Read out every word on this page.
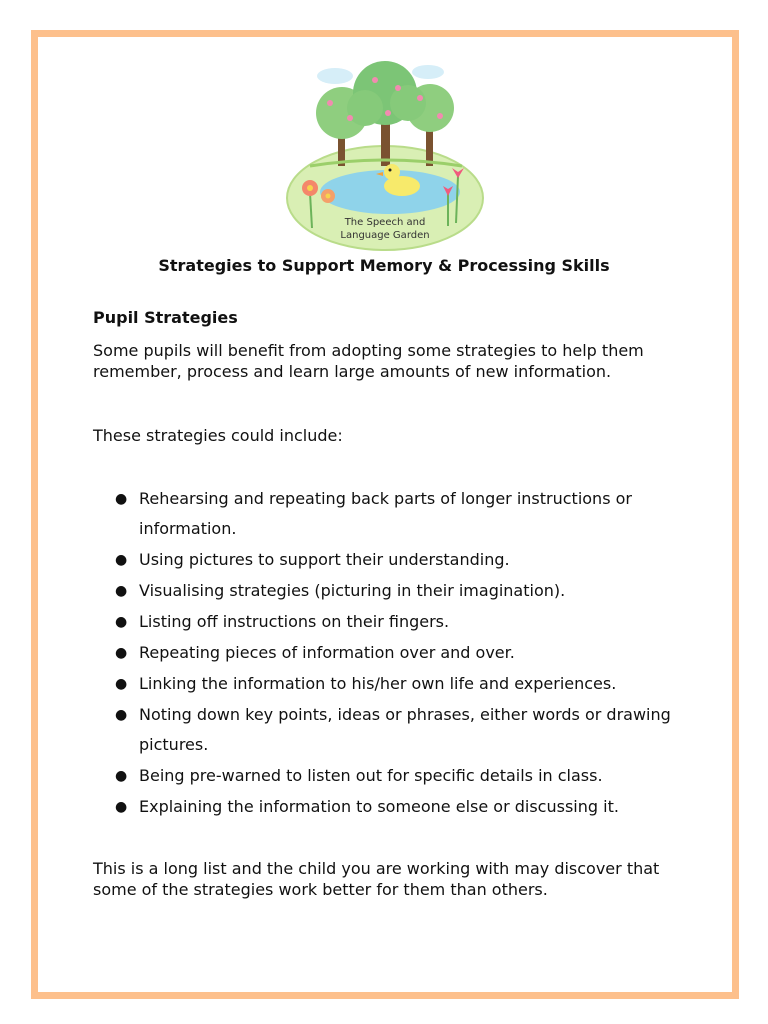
The Speech and
Language Garden
Strategies to Support Memory & Processing Skills
Pupil Strategies

Some pupils will benefit from adopting some strategies to help them remember, process and learn large amounts of new information.

These strategies could include:

● Rehearsing and repeating back parts of longer instructions or information.
● Using pictures to support their understanding.
● Visualising strategies (picturing in their imagination).
● Listing off instructions on their fingers.
● Repeating pieces of information over and over.
● Linking the information to his/her own life and experiences.
● Noting down key points, ideas or phrases, either words or drawing pictures.
● Being pre-warned to listen out for specific details in class.
● Explaining the information to someone else or discussing it.

This is a long list and the child you are working with may discover that some of the strategies work better for them than others.
